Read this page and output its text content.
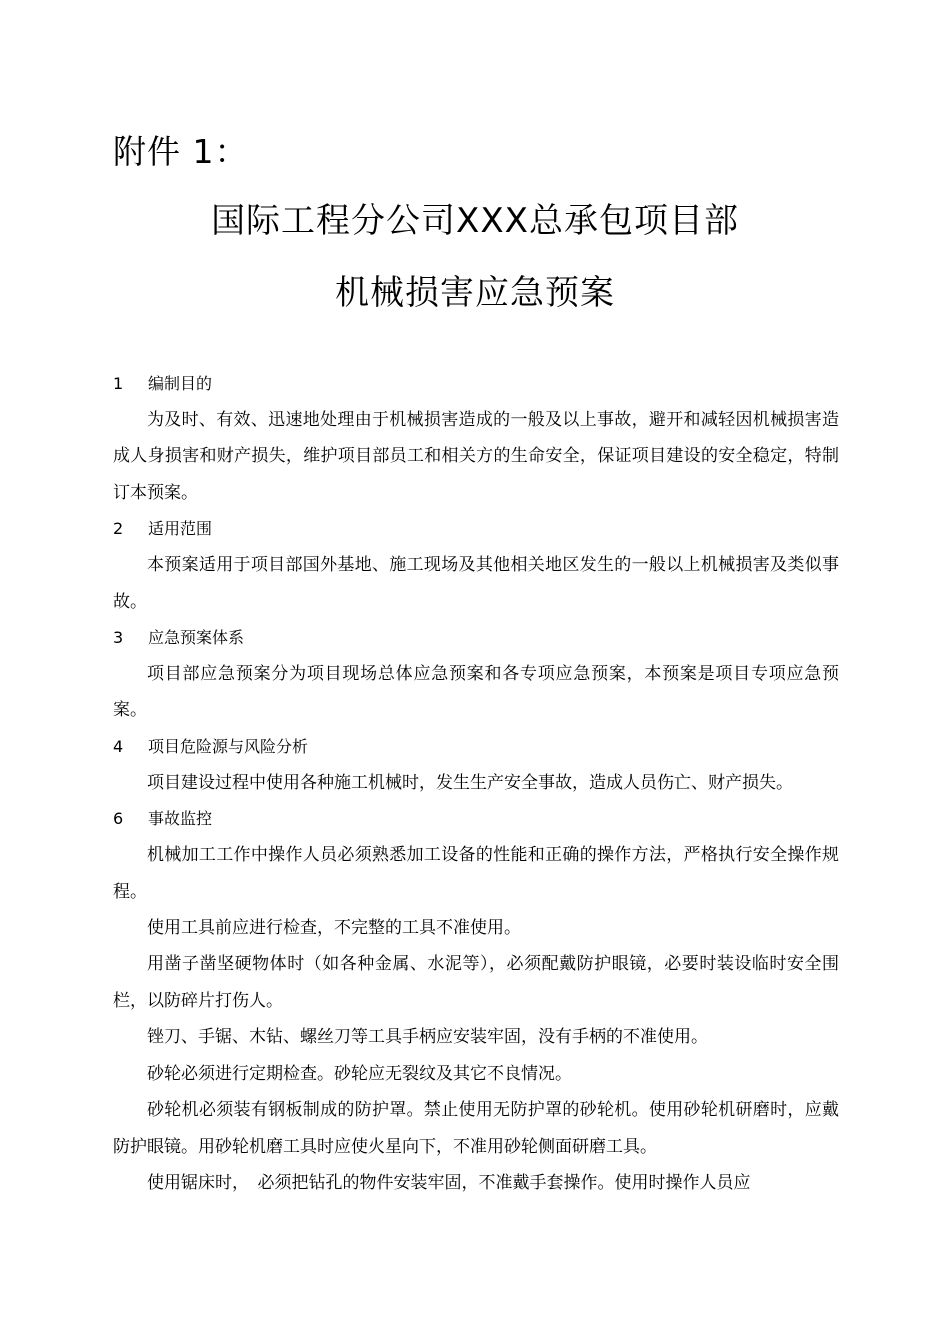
附件 1：
国际工程分公司XXX总承包项目部
机械损害应急预案
1	编制目的

为及时、有效、迅速地处理由于机械损害造成的一般及以上事故，避开和减轻因机械损害造成人身损害和财产损失，维护项目部员工和相关方的生命安全，保证项目建设的安全稳定，特制订本预案。

2	适用范围

本预案适用于项目部国外基地、施工现场及其他相关地区发生的一般以上机械损害及类似事故。

3	应急预案体系

项目部应急预案分为项目现场总体应急预案和各专项应急预案，本预案是项目专项应急预案。

4	项目危险源与风险分析

项目建设过程中使用各种施工机械时，发生生产安全事故，造成人员伤亡、财产损失。

6	事故监控

机械加工工作中操作人员必须熟悉加工设备的性能和正确的操作方法，严格执行安全操作规程。

使用工具前应进行检查，不完整的工具不准使用。

用凿子凿坚硬物体时（如各种金属、水泥等），必须配戴防护眼镜，必要时装设临时安全围栏，以防碎片打伤人。

锉刀、手锯、木钻、螺丝刀等工具手柄应安装牢固，没有手柄的不准使用。

砂轮必须进行定期检查。砂轮应无裂纹及其它不良情况。

砂轮机必须装有钢板制成的防护罩。禁止使用无防护罩的砂轮机。使用砂轮机研磨时，应戴防护眼镜。用砂轮机磨工具时应使火星向下，不准用砂轮侧面研磨工具。

使用锯床时，　必须把钻孔的物件安装牢固，不准戴手套操作。使用时操作人员应
